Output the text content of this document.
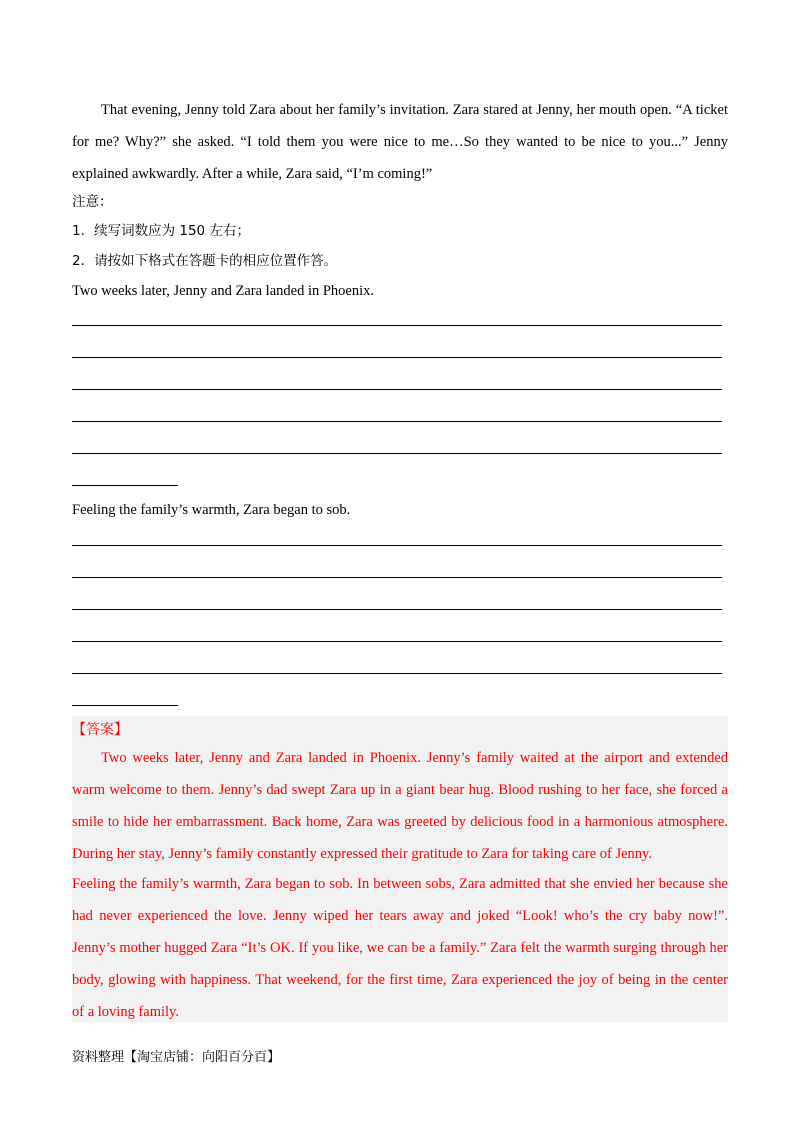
That evening, Jenny told Zara about her family’s invitation. Zara stared at Jenny, her mouth open. “A ticket for me? Why?” she asked. “I told them you were nice to me…So they wanted to be nice to you...” Jenny explained awkwardly. After a while, Zara said, “I’m coming!”
注意：
1．续写词数应为 150 左右；
2．请按如下格式在答题卡的相应位置作答。
Two weeks later, Jenny and Zara landed in Phoenix.
Feeling the family’s warmth, Zara began to sob.
【答案】
Two weeks later, Jenny and Zara landed in Phoenix. Jenny’s family waited at the airport and extended warm welcome to them. Jenny’s dad swept Zara up in a giant bear hug. Blood rushing to her face, she forced a smile to hide her embarrassment. Back home, Zara was greeted by delicious food in a harmonious atmosphere. During her stay, Jenny’s family constantly expressed their gratitude to Zara for taking care of Jenny.
Feeling the family’s warmth, Zara began to sob. In between sobs, Zara admitted that she envied her because she had never experienced the love. Jenny wiped her tears away and joked “Look! who’s the cry baby now!”. Jenny’s mother hugged Zara “It’s OK. If you like, we can be a family.” Zara felt the warmth surging through her body, glowing with happiness. That weekend, for the first time, Zara experienced the joy of being in the center of a loving family.
资料整理【淘宝店铺：向阳百分百】
